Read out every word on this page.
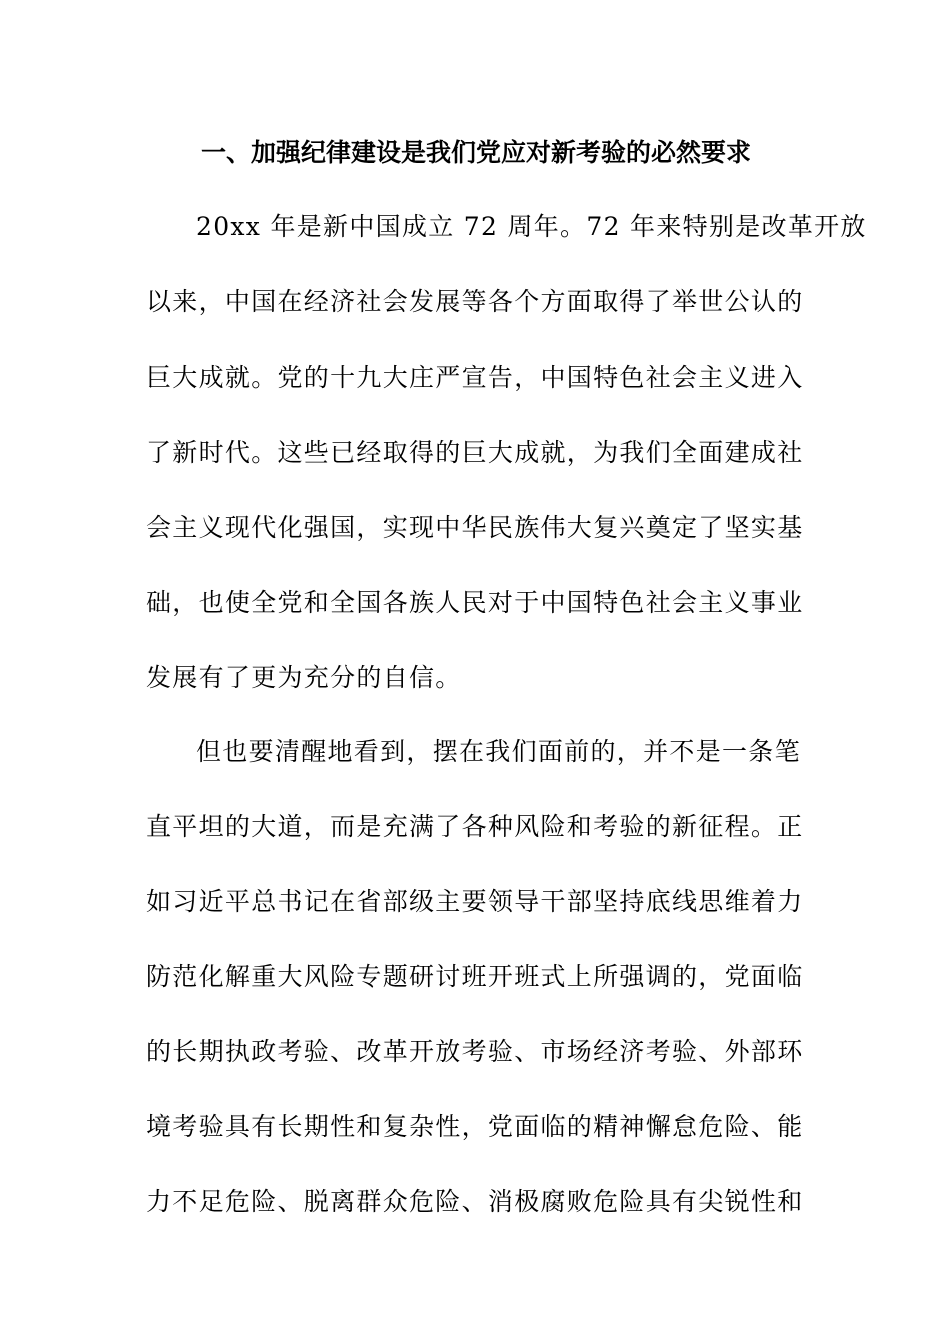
一、加强纪律建设是我们党应对新考验的必然要求
20xx 年是新中国成立 72 周年。72 年来特别是改革开放
以来，中国在经济社会发展等各个方面取得了举世公认的
巨大成就。党的十九大庄严宣告，中国特色社会主义进入
了新时代。这些已经取得的巨大成就，为我们全面建成社
会主义现代化强国，实现中华民族伟大复兴奠定了坚实基
础，也使全党和全国各族人民对于中国特色社会主义事业
发展有了更为充分的自信。
但也要清醒地看到，摆在我们面前的，并不是一条笔
直平坦的大道，而是充满了各种风险和考验的新征程。正
如习近平总书记在省部级主要领导干部坚持底线思维着力
防范化解重大风险专题研讨班开班式上所强调的，党面临
的长期执政考验、改革开放考验、市场经济考验、外部环
境考验具有长期性和复杂性，党面临的精神懈怠危险、能
力不足危险、脱离群众危险、消极腐败危险具有尖锐性和
